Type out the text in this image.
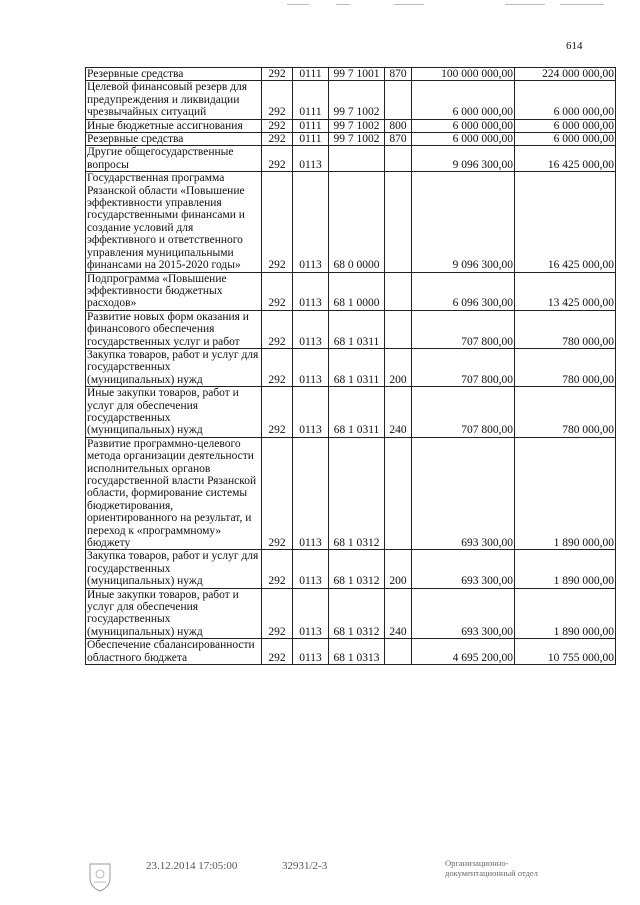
614
Резервные средства	292	0111	99 7 1001	870	100 000 000,00	224 000 000,00
Целевой финансовый резерв для предупреждения и ликвидации чрезвычайных ситуаций	292	0111	99 7 1002		6 000 000,00	6 000 000,00
Иные бюджетные ассигнования	292	0111	99 7 1002	800	6 000 000,00	6 000 000,00
Резервные средства	292	0111	99 7 1002	870	6 000 000,00	6 000 000,00
Другие общегосударственные вопросы	292	0113			9 096 300,00	16 425 000,00
Государственная программа Рязанской области «Повышение эффективности управления государственными финансами и создание условий для эффективного и ответственного управления муниципальными финансами на 2015-2020 годы»	292	0113	68 0 0000		9 096 300,00	16 425 000,00
Подпрограмма «Повышение эффективности бюджетных расходов»	292	0113	68 1 0000		6 096 300,00	13 425 000,00
Развитие новых форм оказания и финансового обеспечения государственных услуг и работ	292	0113	68 1 0311		707 800,00	780 000,00
Закупка товаров, работ и услуг для государственных (муниципальных) нужд	292	0113	68 1 0311	200	707 800,00	780 000,00
Иные закупки товаров, работ и услуг для обеспечения государственных (муниципальных) нужд	292	0113	68 1 0311	240	707 800,00	780 000,00
Развитие программно-целевого метода организации деятельности исполнительных органов государственной власти Рязанской области, формирование системы бюджетирования, ориентированного на результат, и переход к «программному» бюджету	292	0113	68 1 0312		693 300,00	1 890 000,00
Закупка товаров, работ и услуг для государственных (муниципальных) нужд	292	0113	68 1 0312	200	693 300,00	1 890 000,00
Иные закупки товаров, работ и услуг для обеспечения государственных (муниципальных) нужд	292	0113	68 1 0312	240	693 300,00	1 890 000,00
Обеспечение сбалансированности областного бюджета	292	0113	68 1 0313		4 695 200,00	10 755 000,00
23.12.2014 17:05:00	32931/2-3	Организационно-
документационный отдел
